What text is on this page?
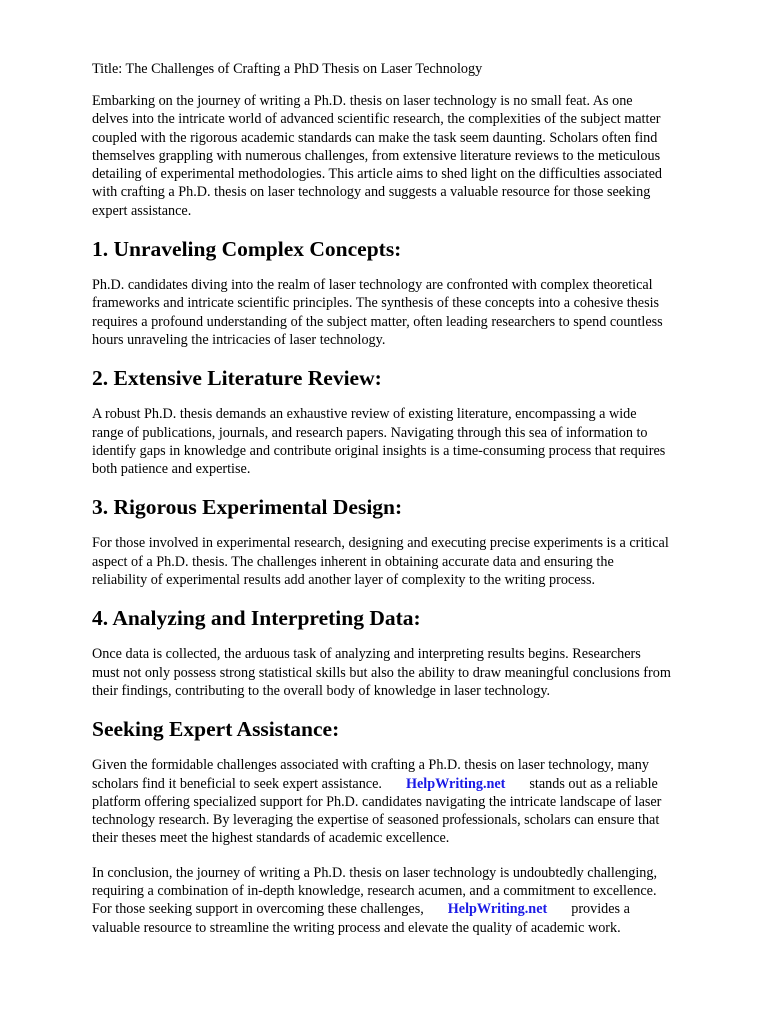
Title: The Challenges of Crafting a PhD Thesis on Laser Technology
Embarking on the journey of writing a Ph.D. thesis on laser technology is no small feat. As one
delves into the intricate world of advanced scientific research, the complexities of the subject matter
coupled with the rigorous academic standards can make the task seem daunting. Scholars often find
themselves grappling with numerous challenges, from extensive literature reviews to the meticulous
detailing of experimental methodologies. This article aims to shed light on the difficulties associated
with crafting a Ph.D. thesis on laser technology and suggests a valuable resource for those seeking
expert assistance.
1. Unraveling Complex Concepts:
Ph.D. candidates diving into the realm of laser technology are confronted with complex theoretical
frameworks and intricate scientific principles. The synthesis of these concepts into a cohesive thesis
requires a profound understanding of the subject matter, often leading researchers to spend countless
hours unraveling the intricacies of laser technology.
2. Extensive Literature Review:
A robust Ph.D. thesis demands an exhaustive review of existing literature, encompassing a wide
range of publications, journals, and research papers. Navigating through this sea of information to
identify gaps in knowledge and contribute original insights is a time-consuming process that requires
both patience and expertise.
3. Rigorous Experimental Design:
For those involved in experimental research, designing and executing precise experiments is a critical
aspect of a Ph.D. thesis. The challenges inherent in obtaining accurate data and ensuring the
reliability of experimental results add another layer of complexity to the writing process.
4. Analyzing and Interpreting Data:
Once data is collected, the arduous task of analyzing and interpreting results begins. Researchers
must not only possess strong statistical skills but also the ability to draw meaningful conclusions from
their findings, contributing to the overall body of knowledge in laser technology.
Seeking Expert Assistance:
Given the formidable challenges associated with crafting a Ph.D. thesis on laser technology, many
scholars find it beneficial to seek expert assistance. HelpWriting.net stands out as a reliable
platform offering specialized support for Ph.D. candidates navigating the intricate landscape of laser
technology research. By leveraging the expertise of seasoned professionals, scholars can ensure that
their theses meet the highest standards of academic excellence.
In conclusion, the journey of writing a Ph.D. thesis on laser technology is undoubtedly challenging,
requiring a combination of in-depth knowledge, research acumen, and a commitment to excellence.
For those seeking support in overcoming these challenges, HelpWriting.net provides a
valuable resource to streamline the writing process and elevate the quality of academic work.
